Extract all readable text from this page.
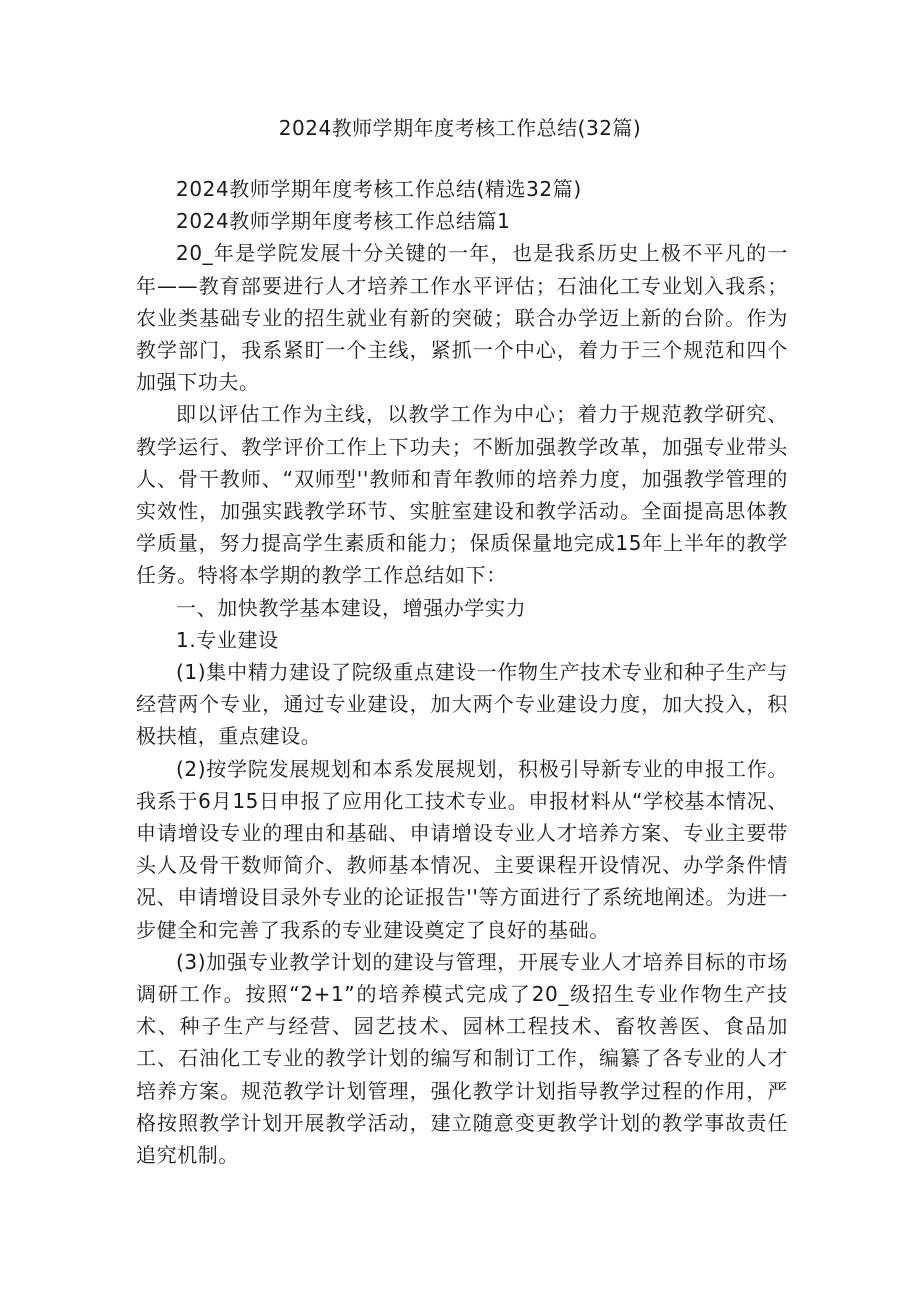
2024教师学期年度考核工作总结(32篇)

2024教师学期年度考核工作总结(精选32篇)

2024教师学期年度考核工作总结篇1

20_年是学院发展十分关键的一年，也是我系历史上极不平凡的一年——教育部要进行人才培养工作水平评估；石油化工专业划入我系；农业类基础专业的招生就业有新的突破；联合办学迈上新的台阶。作为教学部门，我系紧盯一个主线，紧抓一个中心，着力于三个规范和四个加强下功夫。

即以评估工作为主线，以教学工作为中心；着力于规范教学研究、教学运行、教学评价工作上下功夫；不断加强教学改革，加强专业带头人、骨干教师、“双师型''教师和青年教师的培养力度，加强教学管理的实效性，加强实践教学环节、实脏室建设和教学活动。全面提高思体教学质量，努力提高学生素质和能力；保质保量地完成15年上半年的教学任务。特将本学期的教学工作总结如下：

一、加快教学基本建设，增强办学实力

1.专业建设

(1)集中精力建设了院级重点建设一作物生产技术专业和种子生产与经营两个专业，通过专业建设，加大两个专业建设力度，加大投入，积极扶植，重点建设。

(2)按学院发展规划和本系发展规划，积极引导新专业的申报工作。我系于6月15日申报了应用化工技术专业。申报材料从“学校基本情况、申请增设专业的理由和基础、申请增设专业人才培养方案、专业主要带头人及骨干数师简介、教师基本情况、主要课程开设情况、办学条件情况、申请增设目录外专业的论证报告''等方面进行了系统地阐述。为进一步健全和完善了我系的专业建设奠定了良好的基础。

(3)加强专业教学计划的建设与管理，开展专业人才培养目标的市场调研工作。按照“2+1”的培养模式完成了20_级招生专业作物生产技术、种子生产与经营、园艺技术、园林工程技术、畜牧善医、食品加工、石油化工专业的教学计划的编写和制订工作，编纂了各专业的人才培养方案。规范教学计划管理，强化教学计划指导教学过程的作用，严格按照教学计划开展教学活动，建立随意变更教学计划的教学事故责任追究机制。
